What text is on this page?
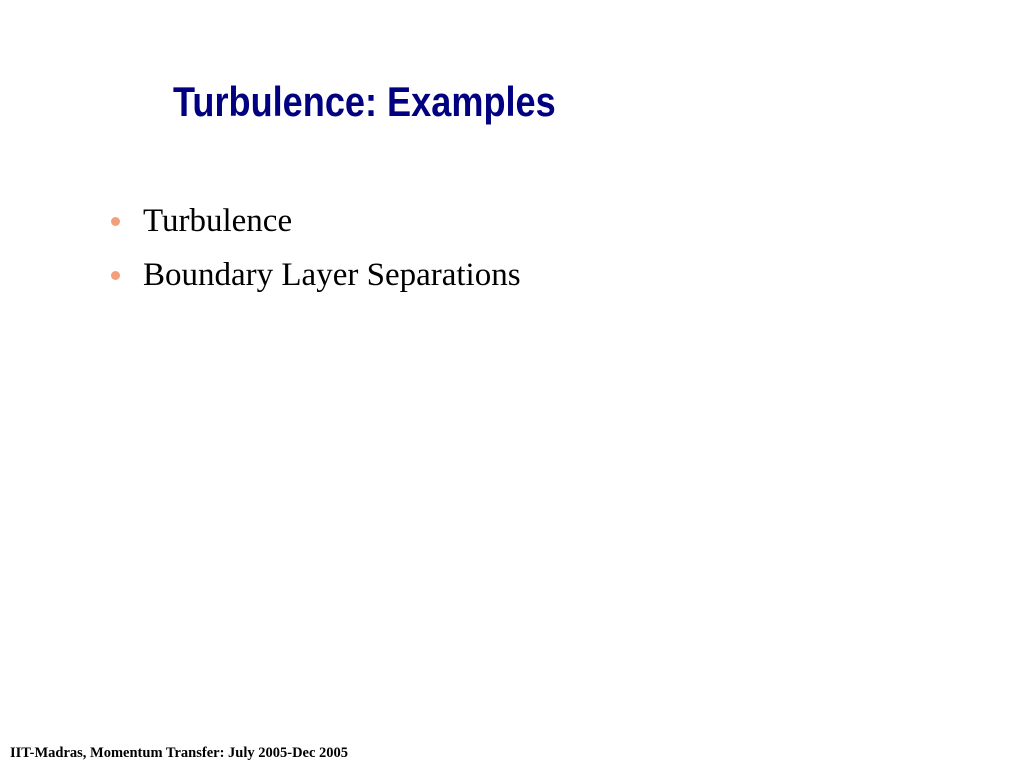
Turbulence: Examples
Turbulence
Boundary Layer Separations
IIT-Madras, Momentum Transfer: July 2005-Dec 2005
